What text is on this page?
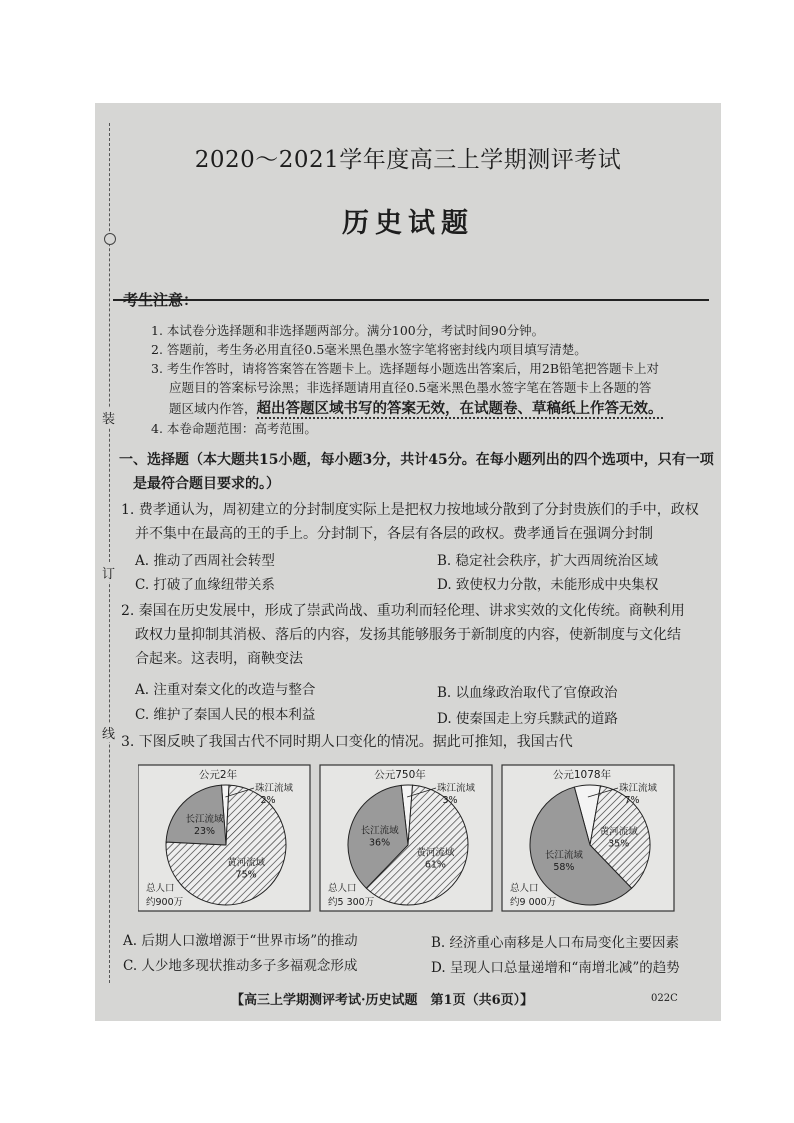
装
订
线
2020～2021学年度高三上学期测评考试
历史试题
考生注意：
1. 本试卷分选择题和非选择题两部分。满分100分，考试时间90分钟。
2. 答题前，考生务必用直径0.5毫米黑色墨水签字笔将密封线内项目填写清楚。
3. 考生作答时，请将答案答在答题卡上。选择题每小题选出答案后，用2B铅笔把答题卡上对
应题目的答案标号涂黑；非选择题请用直径0.5毫米黑色墨水签字笔在答题卡上各题的答
题区域内作答，超出答题区域书写的答案无效，在试题卷、草稿纸上作答无效。
4. 本卷命题范围：高考范围。
一、选择题（本大题共15小题，每小题3分，共计45分。在每小题列出的四个选项中，只有一项
是最符合题目要求的。）
1. 费孝通认为，周初建立的分封制度实际上是把权力按地域分散到了分封贵族们的手中，政权
并不集中在最高的王的手上。分封制下，各层有各层的政权。费孝通旨在强调分封制
A. 推动了西周社会转型	B. 稳定社会秩序，扩大西周统治区域
C. 打破了血缘纽带关系	D. 致使权力分散，未能形成中央集权
2. 秦国在历史发展中，形成了崇武尚战、重功利而轻伦理、讲求实效的文化传统。商鞅利用
政权力量抑制其消极、落后的内容，发扬其能够服务于新制度的内容，使新制度与文化结
合起来。这表明，商鞅变法
A. 注重对秦文化的改造与整合	B. 以血缘政治取代了官僚政治
C. 维护了秦国人民的根本利益	D. 使秦国走上穷兵黩武的道路
3. 下图反映了我国古代不同时期人口变化的情况。据此可推知，我国古代
公元2年
黄河流域
75%
长江流域
23%
珠江流域
2%
总人口
约900万
公元750年
黄河流域
61%
长江流域
36%
珠江流域
3%
总人口
约5 300万
公元1078年
黄河流域
35%
长江流域
58%
珠江流域
7%
总人口
约9 000万
A. 后期人口激增源于“世界市场”的推动	B. 经济重心南移是人口布局变化主要因素
C. 人少地多现状推动多子多福观念形成	D. 呈现人口总量递增和“南增北减”的趋势
【高三上学期测评考试·历史试题　第1页（共6页）】	022C
